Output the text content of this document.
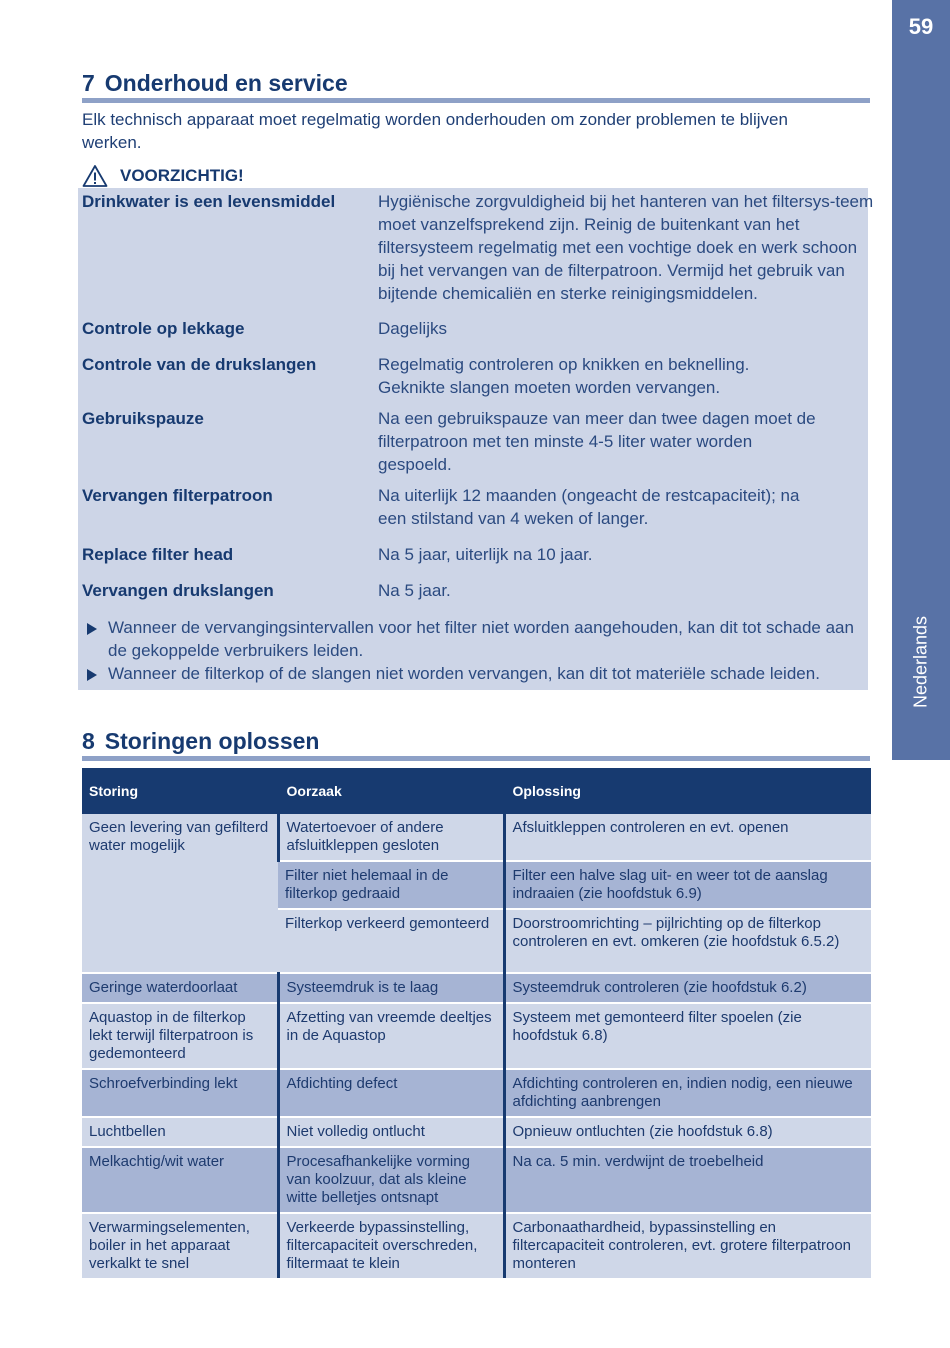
59
Nederlands
7 Onderhoud en service
Elk technisch apparaat moet regelmatig worden onderhouden om zonder problemen te blijven werken.
VOORZICHTIG!
Drinkwater is een levensmiddel	Hygiënische zorgvuldigheid bij het hanteren van het filtersys-teem moet vanzelfsprekend zijn. Reinig de buitenkant van het filtersysteem regelmatig met een vochtige doek en werk schoon bij het vervangen van de filterpatroon. Vermijd het gebruik van bijtende chemicaliën en sterke reinigingsmiddelen.
Controle op lekkage	Dagelijks
Controle van de drukslangen	Regelmatig controleren op knikken en beknelling. Geknikte slangen moeten worden vervangen.
Gebruikspauze	Na een gebruikspauze van meer dan twee dagen moet de filterpatroon met ten minste 4-5 liter water worden gespoeld.
Vervangen filterpatroon	Na uiterlijk 12 maanden (ongeacht de restcapaciteit); na een stilstand van 4 weken of langer.
Replace filter head	Na 5 jaar, uiterlijk na 10 jaar.
Vervangen drukslangen	Na 5 jaar.
Wanneer de vervangingsintervallen voor het filter niet worden aangehouden, kan dit tot schade aan de gekoppelde verbruikers leiden.
Wanneer de filterkop of de slangen niet worden vervangen, kan dit tot materiële schade leiden.
8 Storingen oplossen
Storing	Oorzaak	Oplossing
Geen levering van gefilterd water mogelijk	Watertoevoer of andere afsluitkleppen gesloten	Afsluitkleppen controleren en evt. openen
	Filter niet helemaal in de filterkop gedraaid	Filter een halve slag uit- en weer tot de aanslag indraaien (zie hoofdstuk 6.9)
	Filterkop verkeerd gemonteerd	Doorstroomrichting – pijlrichting op de filterkop controleren en evt. omkeren (zie hoofdstuk 6.5.2)
Geringe waterdoorlaat	Systeemdruk is te laag	Systeemdruk controleren (zie hoofdstuk 6.2)
Aquastop in de filterkop lekt terwijl filterpatroon is gedemonteerd	Afzetting van vreemde deeltjes in de Aquastop	Systeem met gemonteerd filter spoelen (zie hoofdstuk 6.8)
Schroefverbinding lekt	Afdichting defect	Afdichting controleren en, indien nodig, een nieuwe afdichting aanbrengen
Luchtbellen	Niet volledig ontlucht	Opnieuw ontluchten (zie hoofdstuk 6.8)
Melkachtig/wit water	Procesafhankelijke vorming van koolzuur, dat als kleine witte belletjes ontsnapt	Na ca. 5 min. verdwijnt de troebelheid
Verwarmingselementen, boiler in het apparaat verkalkt te snel	Verkeerde bypassinstelling, filtercapaciteit overschreden, filtermaat te klein	Carbonaathardheid, bypassinstelling en filtercapaciteit controleren, evt. grotere filterpatroon monteren
